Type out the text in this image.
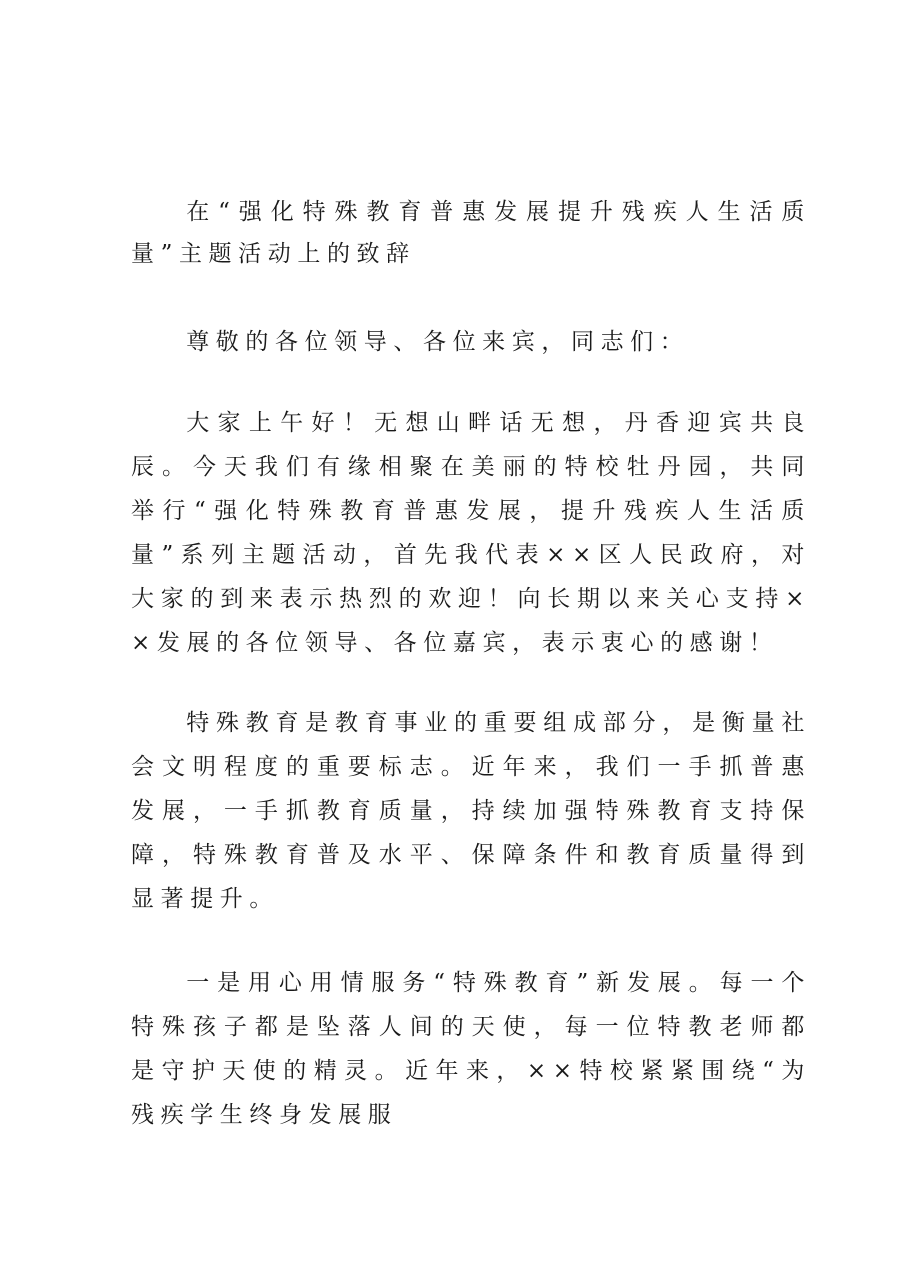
在“强化特殊教育普惠发展提升残疾人生活质量”主题活动上的致辞

尊敬的各位领导、各位来宾，同志们：

大家上午好！无想山畔话无想，丹香迎宾共良辰。今天我们有缘相聚在美丽的特校牡丹园，共同举行“强化特殊教育普惠发展，提升残疾人生活质量”系列主题活动，首先我代表××区人民政府，对大家的到来表示热烈的欢迎！向长期以来关心支持××发展的各位领导、各位嘉宾，表示衷心的感谢！

特殊教育是教育事业的重要组成部分，是衡量社会文明程度的重要标志。近年来，我们一手抓普惠发展，一手抓教育质量，持续加强特殊教育支持保障，特殊教育普及水平、保障条件和教育质量得到显著提升。

一是用心用情服务“特殊教育”新发展。每一个特殊孩子都是坠落人间的天使，每一位特教老师都是守护天使的精灵。近年来，××特校紧紧围绕“为残疾学生终身发展服
